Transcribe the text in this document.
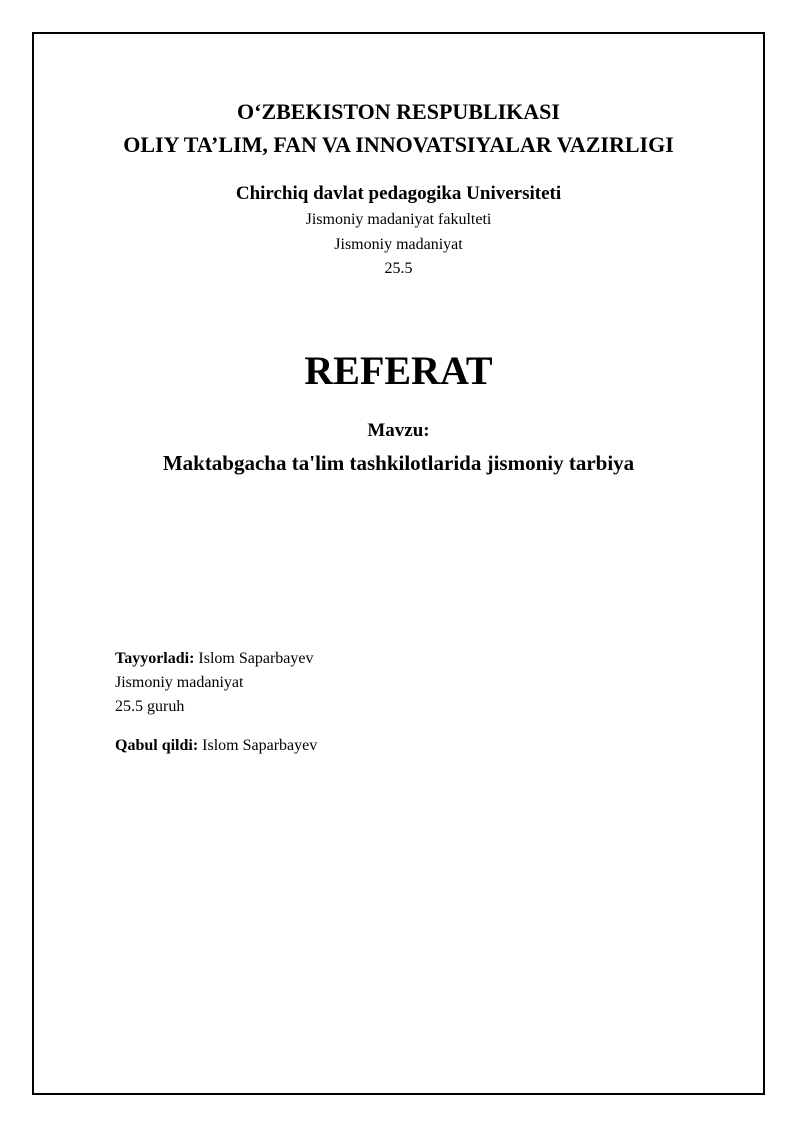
O‘ZBEKISTON RESPUBLIKASI
OLIY TA’LIM, FAN VA INNOVATSIYALAR VAZIRLIGI
Chirchiq davlat pedagogika Universiteti
Jismoniy madaniyat fakulteti
Jismoniy madaniyat
25.5
REFERAT
Mavzu:
Maktabgacha ta'lim tashkilotlarida jismoniy tarbiya
Tayyorladi: Islom Saparbayev
Jismoniy madaniyat
25.5 guruh
Qabul qildi: Islom Saparbayev
